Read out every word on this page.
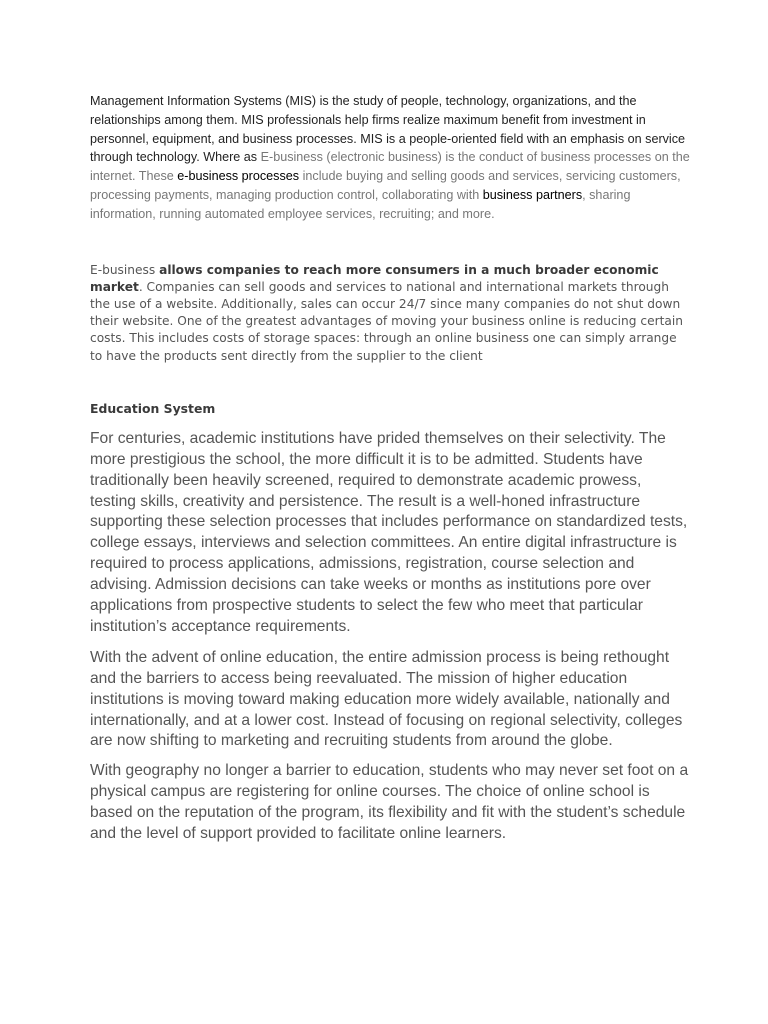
Management Information Systems (MIS) is the study of people, technology, organizations, and the relationships among them. MIS professionals help firms realize maximum benefit from investment in personnel, equipment, and business processes. MIS is a people-oriented field with an emphasis on service through technology. Where as E-business (electronic business) is the conduct of business processes on the internet. These e-business processes include buying and selling goods and services, servicing customers, processing payments, managing production control, collaborating with business partners, sharing information, running automated employee services, recruiting; and more.

E-business allows companies to reach more consumers in a much broader economic market. Companies can sell goods and services to national and international markets through the use of a website. Additionally, sales can occur 24/7 since many companies do not shut down their website. One of the greatest advantages of moving your business online is reducing certain costs. This includes costs of storage spaces: through an online business one can simply arrange to have the products sent directly from the supplier to the client

Education System

For centuries, academic institutions have prided themselves on their selectivity. The more prestigious the school, the more difficult it is to be admitted. Students have traditionally been heavily screened, required to demonstrate academic prowess, testing skills, creativity and persistence. The result is a well-honed infrastructure supporting these selection processes that includes performance on standardized tests, college essays, interviews and selection committees. An entire digital infrastructure is required to process applications, admissions, registration, course selection and advising. Admission decisions can take weeks or months as institutions pore over applications from prospective students to select the few who meet that particular institution’s acceptance requirements.

With the advent of online education, the entire admission process is being rethought and the barriers to access being reevaluated. The mission of higher education institutions is moving toward making education more widely available, nationally and internationally, and at a lower cost. Instead of focusing on regional selectivity, colleges are now shifting to marketing and recruiting students from around the globe.

With geography no longer a barrier to education, students who may never set foot on a physical campus are registering for online courses. The choice of online school is based on the reputation of the program, its flexibility and fit with the student’s schedule and the level of support provided to facilitate online learners.
